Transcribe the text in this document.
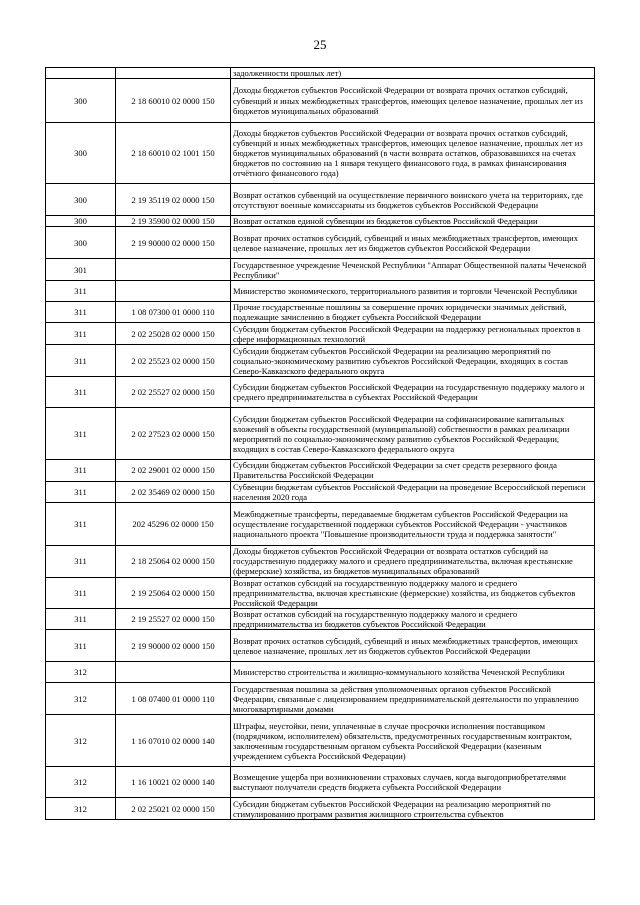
25
		задолженности прошлых лет)
300	2 18 60010 02 0000 150	Доходы бюджетов субъектов Российской Федерации от возврата прочих остатков субсидий, субвенций и иных межбюджетных трансфертов, имеющих целевое назначение, прошлых лет из бюджетов муниципальных образований
300	2 18 60010 02 1001 150	Доходы бюджетов субъектов Российской Федерации от возврата прочих остатков субсидий, субвенций и иных межбюджетных трансфертов, имеющих целевое назначение, прошлых лет из бюджетов муниципальных образований (в части возврата остатков, образовавшихся на счетах бюджетов по состоянию на 1 января текущего финансового года, в рамках финансирования отчётного финансового года)
300	2 19 35119 02 0000 150	Возврат остатков субвенций на осуществление первичного воинского учета на территориях, где отсутствуют военные комиссариаты из бюджетов субъектов Российской Федерации
300	2 19 35900 02 0000 150	Возврат остатков единой субвенции из бюджетов субъектов Российской Федерации
300	2 19 90000 02 0000 150	Возврат прочих остатков субсидий, субвенций и иных межбюджетных трансфертов, имеющих целевое назначение, прошлых лет из бюджетов субъектов Российской Федерации
301		Государственное учреждение Чеченской Республики "Аппарат Общественной палаты Чеченской Республики"
311		Министерство экономического, территориального развития и торговли Чеченской Республики
311	1 08 07300 01 0000 110	Прочие государственные пошлины за совершение прочих юридически значимых действий, подлежащие зачислению в бюджет субъекта Российской Федерации
311	2 02 25028 02 0000 150	Субсидии бюджетам субъектов Российской Федерации на поддержку региональных проектов в сфере информационных технологий
311	2 02 25523 02 0000 150	Субсидии бюджетам субъектов Российской Федерации на реализацию мероприятий по социально-экономическому развитию субъектов Российской Федерации, входящих в состав Северо-Кавказского федерального округа
311	2 02 25527 02 0000 150	Субсидии бюджетам субъектов Российской Федерации на государственную поддержку малого и среднего предпринимательства в субъектах Российской Федерации
311	2 02 27523 02 0000 150	Субсидии бюджетам субъектов Российской Федерации на софинансирование капитальных вложений в объекты государственной (муниципальной) собственности в рамках реализации мероприятий по социально-экономическому развитию субъектов Российской Федерации, входящих в состав Северо-Кавказского федерального округа
311	2 02 29001 02 0000 150	Субсидии бюджетам субъектов Российской Федерации за счет средств резервного фонда Правительства Российской Федерации
311	2 02 35469 02 0000 150	Субвенции бюджетам субъектов Российской Федерации на проведение Всероссийской переписи населения 2020 года
311	202 45296 02 0000 150	Межбюджетные трансферты, передаваемые бюджетам субъектов Российской Федерации на осуществление государственной поддержки субъектов Российской Федерации - участников национального проекта "Повышение производительности труда и поддержка занятости"
311	2 18 25064 02 0000 150	Доходы бюджетов субъектов Российской Федерации от возврата остатков субсидий на государственную поддержку малого и среднего предпринимательства, включая крестьянские (фермерские) хозяйства, из бюджетов муниципальных образований
311	2 19 25064 02 0000 150	Возврат остатков субсидий на государственную поддержку малого и среднего предпринимательства, включая крестьянские (фермерские) хозяйства, из бюджетов субъектов Российской Федерации
311	2 19 25527 02 0000 150	Возврат остатков субсидий на государственную поддержку малого и среднего предпринимательства из бюджетов субъектов Российской Федерации
311	2 19 90000 02 0000 150	Возврат прочих остатков субсидий, субвенций и иных межбюджетных трансфертов, имеющих целевое назначение, прошлых лет из бюджетов субъектов Российской Федерации
312		Министерство строительства и жилищно-коммунального хозяйства Чеченской Республики
312	1 08 07400 01 0000 110	Государственная пошлина за действия уполномоченных органов субъектов Российской Федерации, связанные с лицензированием предпринимательской деятельности по управлению многоквартирными домами
312	1 16 07010 02 0000 140	Штрафы, неустойки, пени, уплаченные в случае просрочки исполнения поставщиком (подрядчиком, исполнителем) обязательств, предусмотренных государственным контрактом, заключенным государственным органом субъекта Российской Федерации (казенным учреждением субъекта Российской Федерации)
312	1 16 10021 02 0000 140	Возмещение ущерба при возникновении страховых случаев, когда выгодоприобретателями выступают получатели средств бюджета субъекта Российской Федерации
312	2 02 25021 02 0000 150	Субсидии бюджетам субъектов Российской Федерации на реализацию мероприятий по стимулированию программ развития жилищного строительства субъектов
